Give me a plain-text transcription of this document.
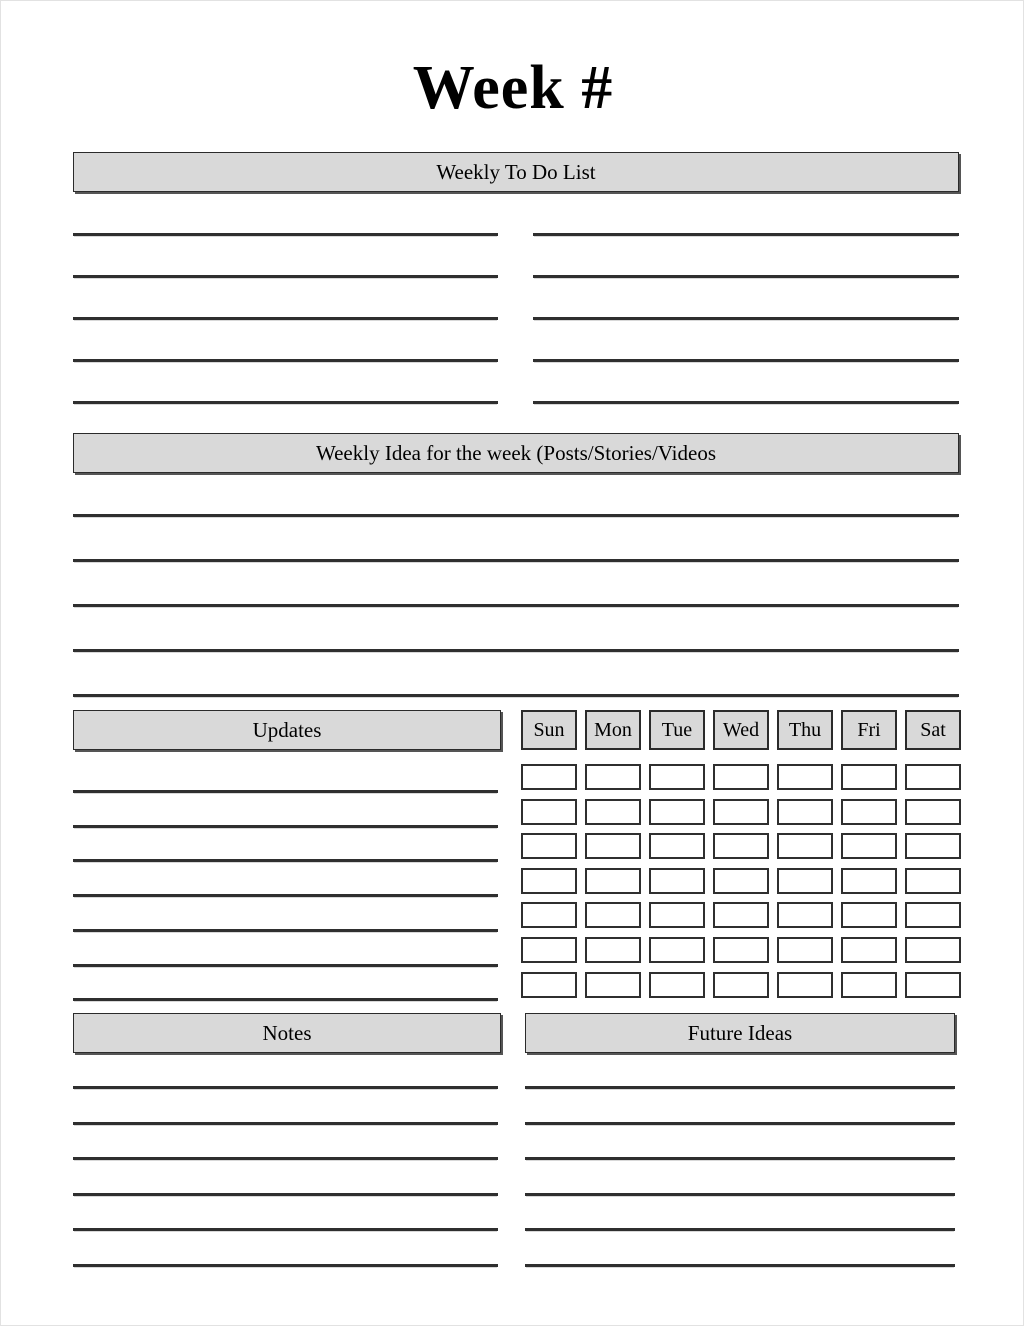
Week #
Weekly To Do List
Weekly Idea for the week (Posts/Stories/Videos
Updates	Sun Mon Tue Wed Thu Fri Sat
Notes	Future Ideas
